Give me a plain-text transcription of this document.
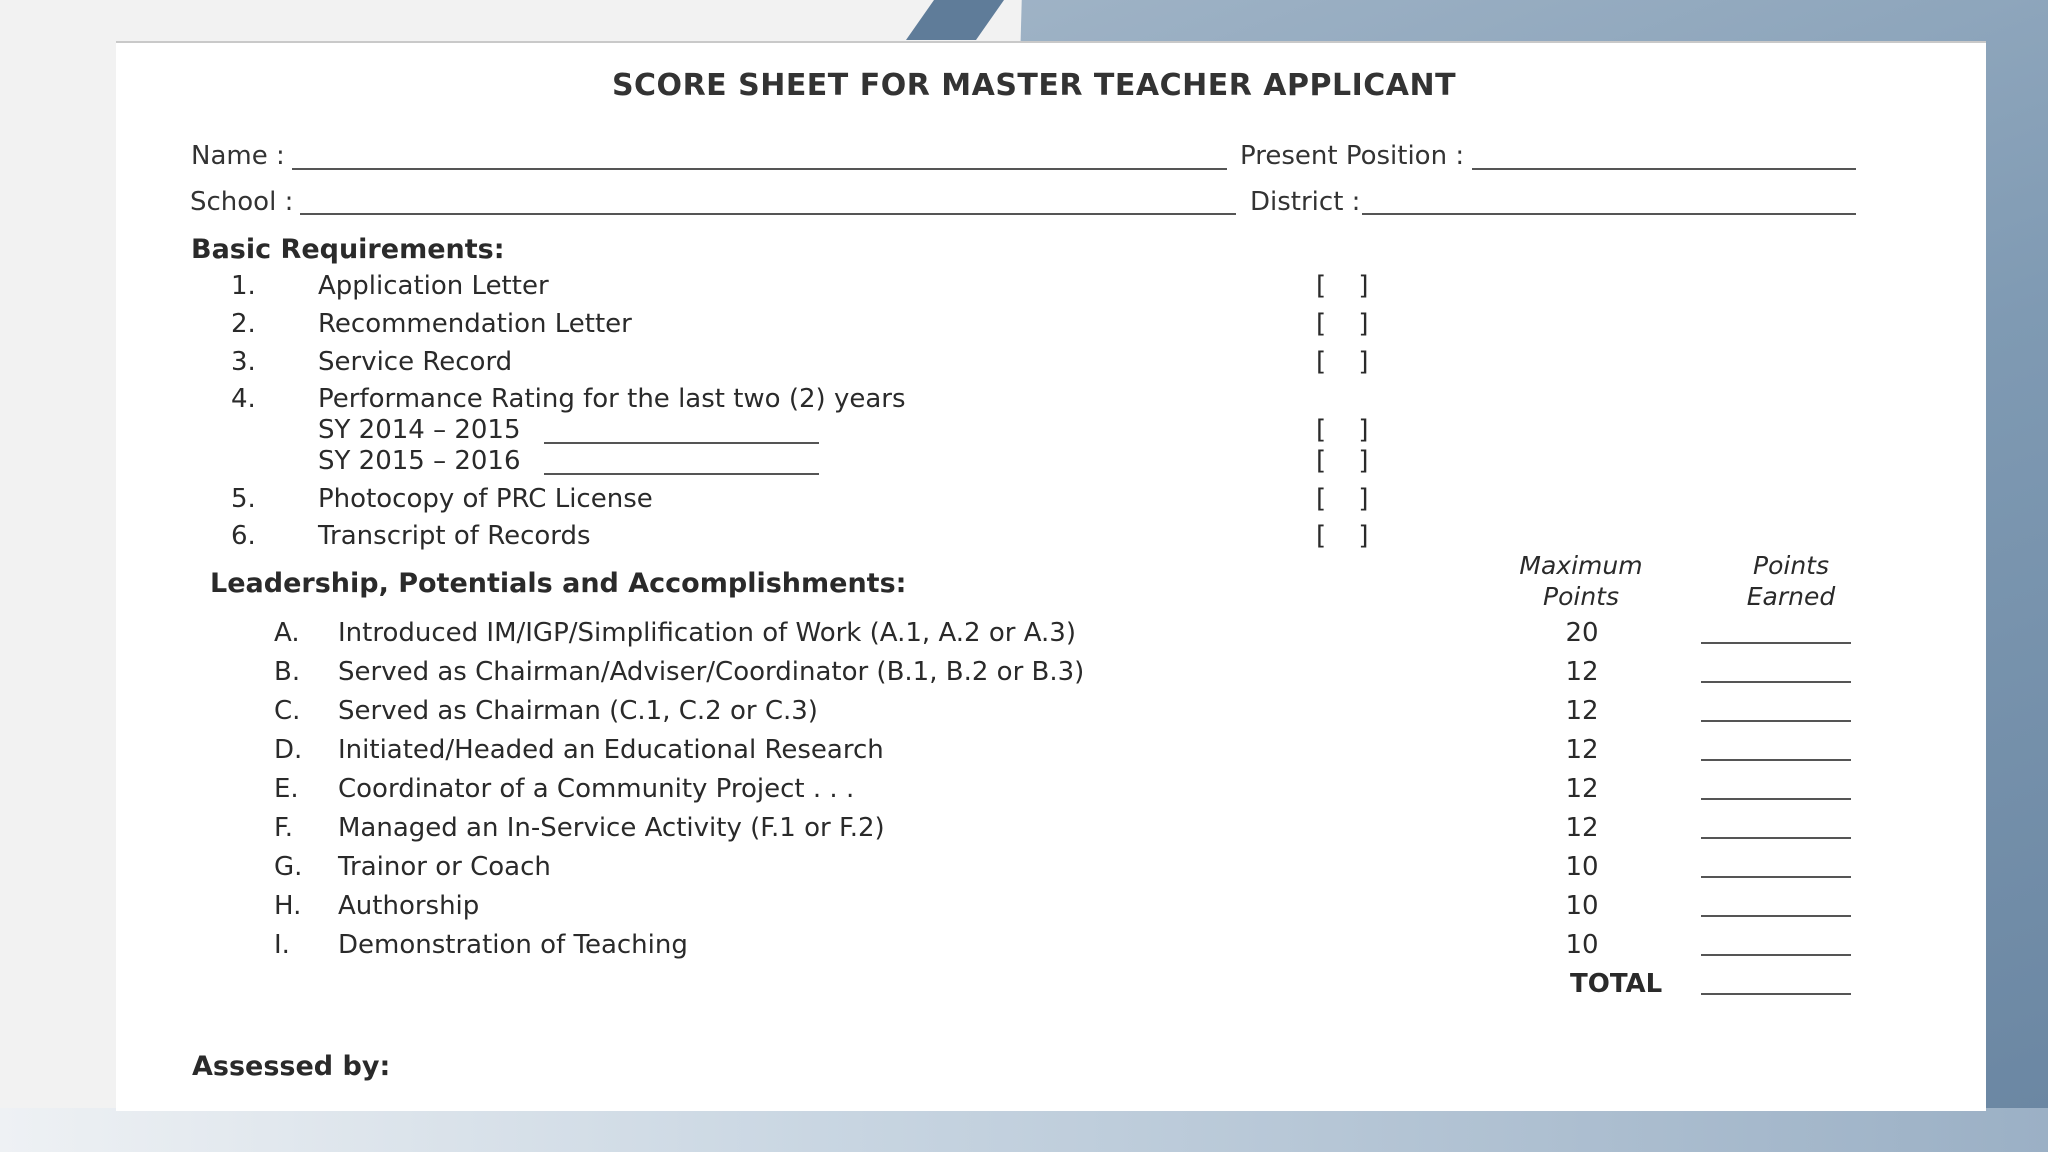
SCORE SHEET FOR MASTER TEACHER APPLICANT
Name :	Present Position :
School :	District :
Basic Requirements:
1. Application Letter	[ ]
2. Recommendation Letter	[ ]
3. Service Record	[ ]
4. Performance Rating for the last two (2) years
SY 2014 – 2015	[ ]
SY 2015 – 2016	[ ]
5. Photocopy of PRC License	[ ]
6. Transcript of Records	[ ]
Leadership, Potentials and Accomplishments:
Maximum
Points
Points
Earned
A. Introduced IM/IGP/Simplification of Work (A.1, A.2 or A.3)	20
B. Served as Chairman/Adviser/Coordinator (B.1, B.2 or B.3)	12
C. Served as Chairman (C.1, C.2 or C.3)	12
D. Initiated/Headed an Educational Research	12
E. Coordinator of a Community Project . . .	12
F. Managed an In-Service Activity (F.1 or F.2)	12
G. Trainor or Coach	10
H. Authorship	10
I. Demonstration of Teaching	10
TOTAL
Assessed by:
